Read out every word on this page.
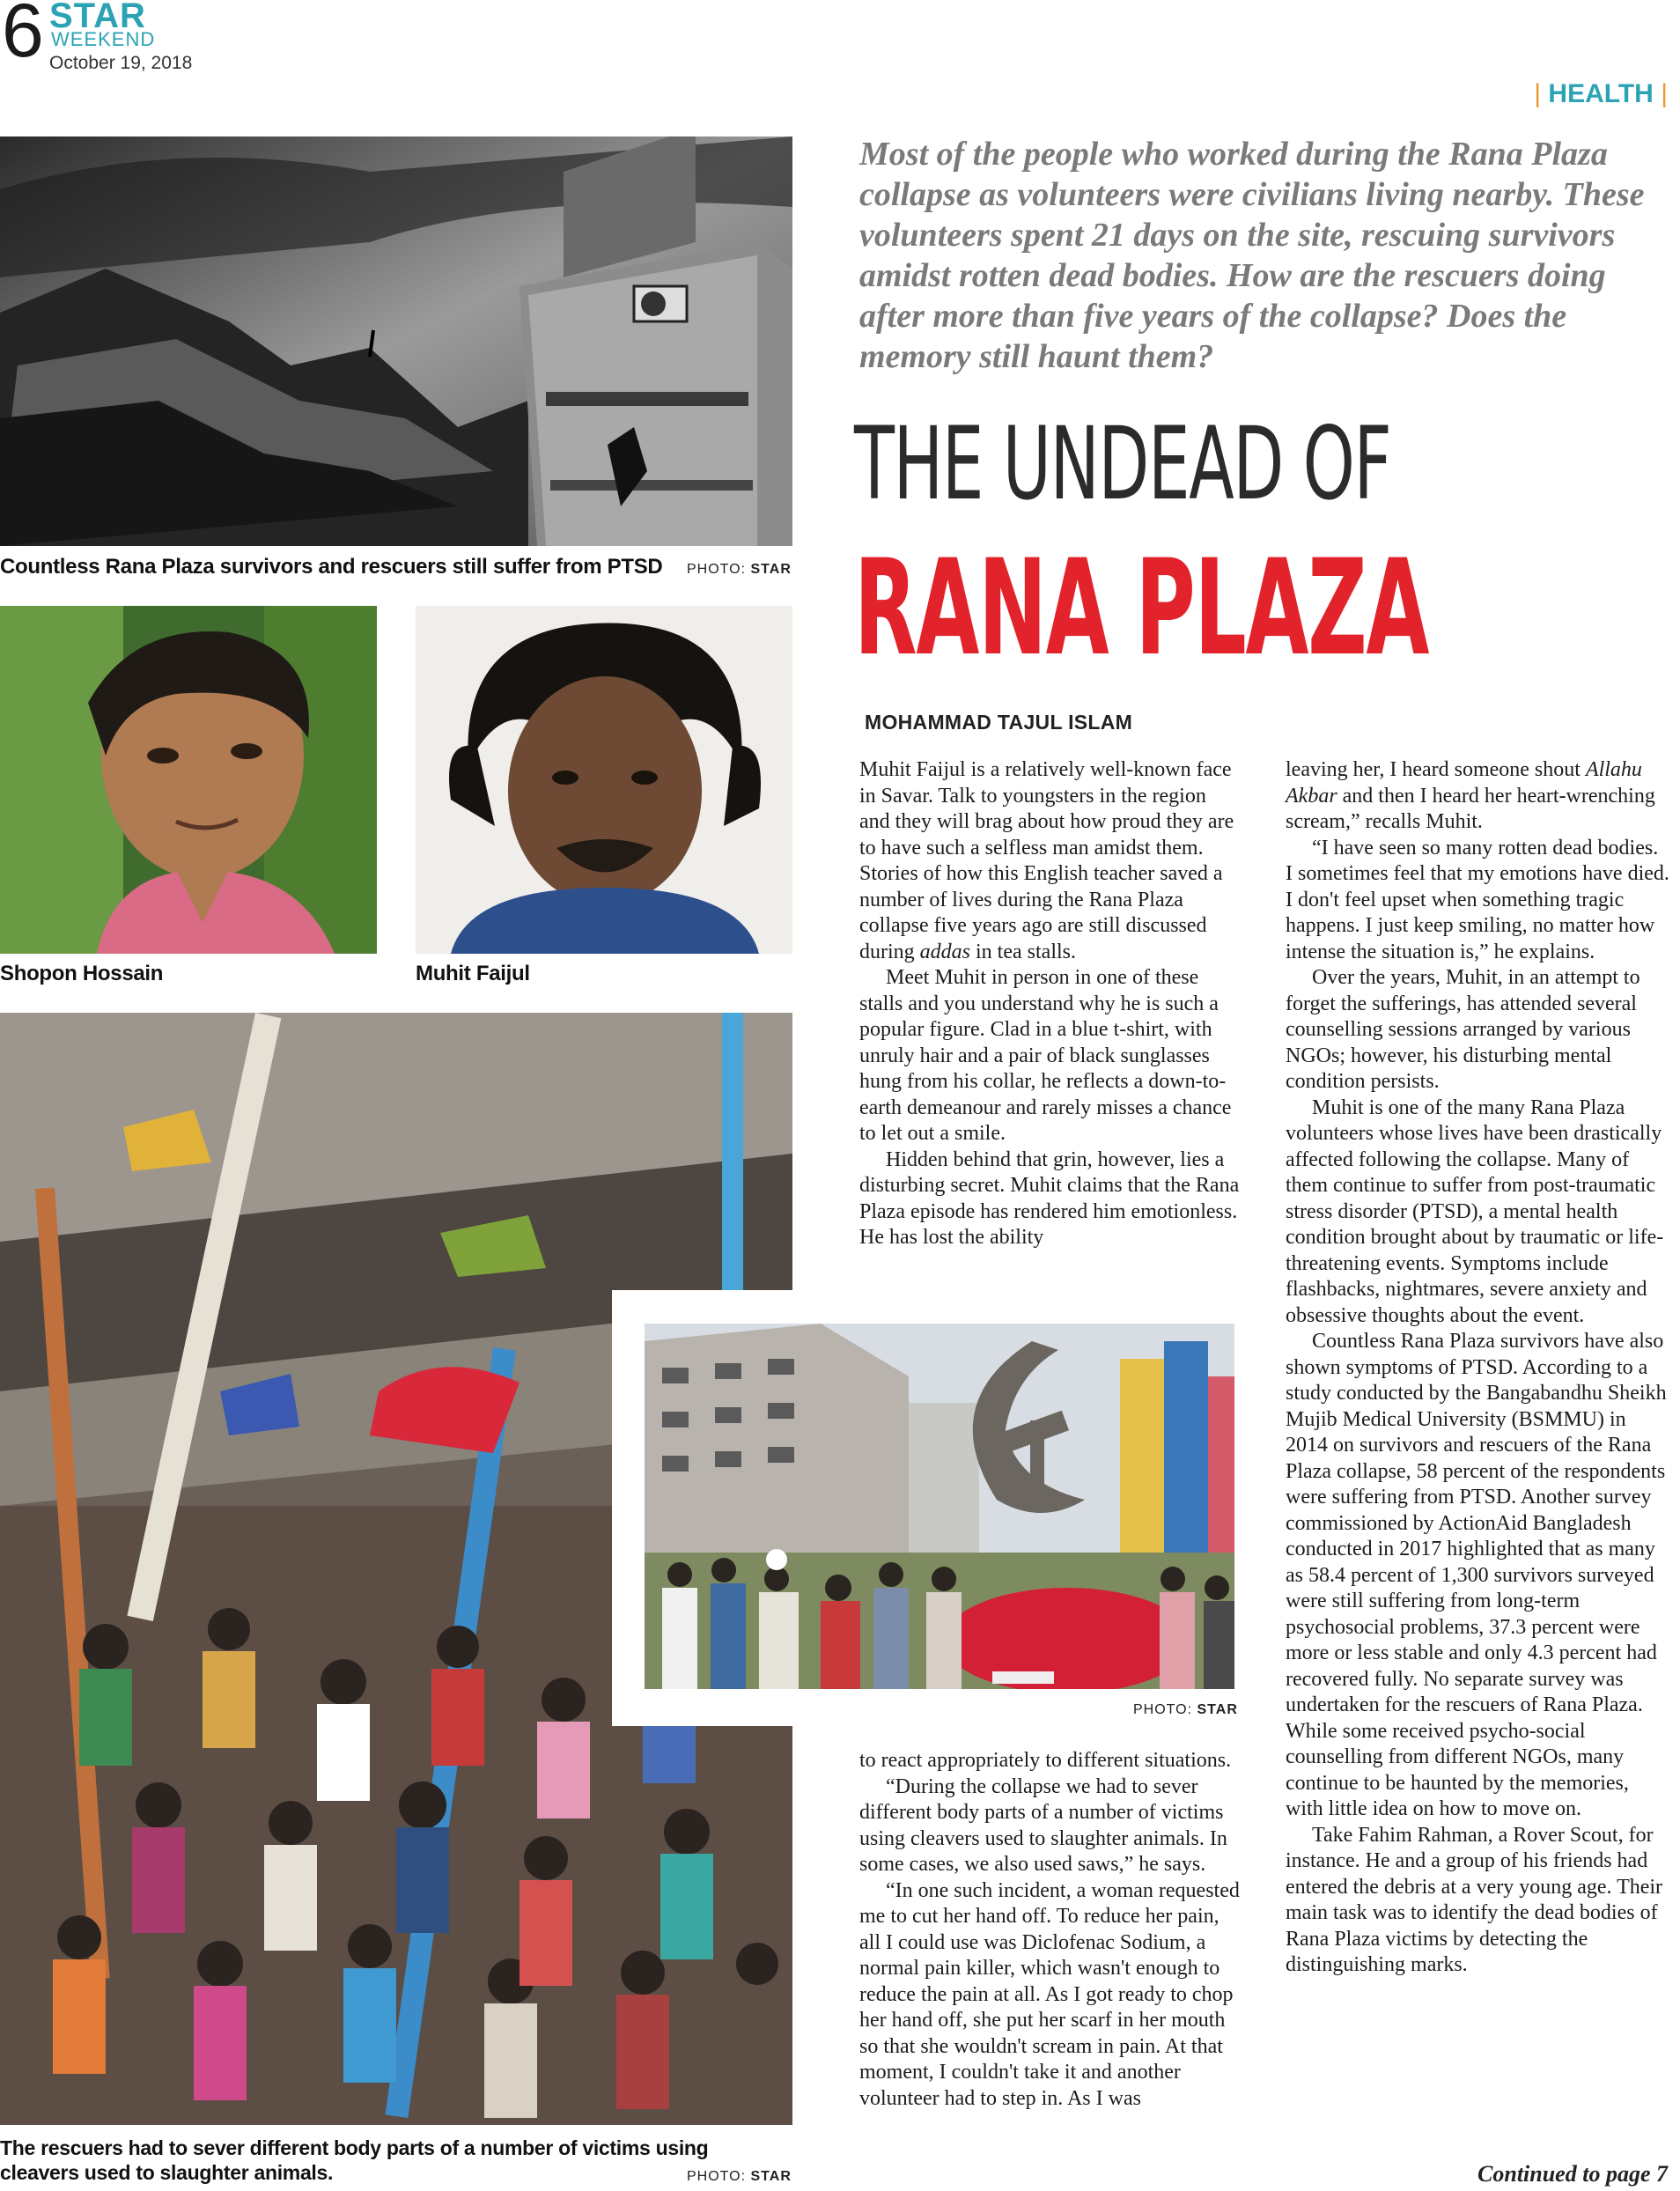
6 STAR
WEEKEND
October 19, 2018
| HEALTH |
Countless Rana Plaza survivors and rescuers still suffer from PTSD	PHOTO: STAR
Shopon Hossain	Muhit Faijul
The rescuers had to sever different body parts of a number of victims using cleavers used to slaughter animals.	PHOTO: STAR
PHOTO: STAR
Most of the people who worked during the Rana Plaza collapse as volunteers were civilians living nearby. These volunteers spent 21 days on the site, rescuing survivors amidst rotten dead bodies. How are the rescuers doing after more than five years of the collapse? Does the memory still haunt them?
THE UNDEAD OF
RANA PLAZA
MOHAMMAD TAJUL ISLAM

Muhit Faijul is a relatively well-known face in Savar. Talk to youngsters in the region and they will brag about how proud they are to have such a selfless man amidst them. Stories of how this English teacher saved a number of lives during the Rana Plaza collapse five years ago are still discussed during addas in tea stalls.

Meet Muhit in person in one of these stalls and you understand why he is such a popular figure. Clad in a blue t-shirt, with unruly hair and a pair of black sunglasses hung from his collar, he reflects a down-to-earth demeanour and rarely misses a chance to let out a smile.

Hidden behind that grin, however, lies a disturbing secret. Muhit claims that the Rana Plaza episode has rendered him emotionless. He has lost the ability

to react appropriately to different situations.

“During the collapse we had to sever different body parts of a number of victims using cleavers used to slaughter animals. In some cases, we also used saws,” he says.

“In one such incident, a woman requested me to cut her hand off. To reduce her pain, all I could use was Diclofenac Sodium, a normal pain killer, which wasn't enough to reduce the pain at all. As I got ready to chop her hand off, she put her scarf in her mouth so that she wouldn't scream in pain. At that moment, I couldn't take it and another volunteer had to step in. As I was

leaving her, I heard someone shout Allahu Akbar and then I heard her heart-wrenching scream,” recalls Muhit.

“I have seen so many rotten dead bodies. I sometimes feel that my emotions have died. I don't feel upset when something tragic happens. I just keep smiling, no matter how intense the situation is,” he explains.

Over the years, Muhit, in an attempt to forget the sufferings, has attended several counselling sessions arranged by various NGOs; however, his disturbing mental condition persists.

Muhit is one of the many Rana Plaza volunteers whose lives have been drastically affected following the collapse. Many of them continue to suffer from post-traumatic stress disorder (PTSD), a mental health condition brought about by traumatic or life-threatening events. Symptoms include flashbacks, nightmares, severe anxiety and obsessive thoughts about the event.

Countless Rana Plaza survivors have also shown symptoms of PTSD. According to a study conducted by the Bangabandhu Sheikh Mujib Medical University (BSMMU) in 2014 on survivors and rescuers of the Rana Plaza collapse, 58 percent of the respondents were suffering from PTSD. Another survey commissioned by ActionAid Bangladesh conducted in 2017 highlighted that as many as 58.4 percent of 1,300 survivors surveyed were still suffering from long-term psychosocial problems, 37.3 percent were more or less stable and only 4.3 percent had recovered fully. No separate survey was undertaken for the rescuers of Rana Plaza. While some received psycho-social counselling from different NGOs, many continue to be haunted by the memories, with little idea on how to move on.

Take Fahim Rahman, a Rover Scout, for instance. He and a group of his friends had entered the debris at a very young age. Their main task was to identify the dead bodies of Rana Plaza victims by detecting the distinguishing marks.

Continued to page 7
